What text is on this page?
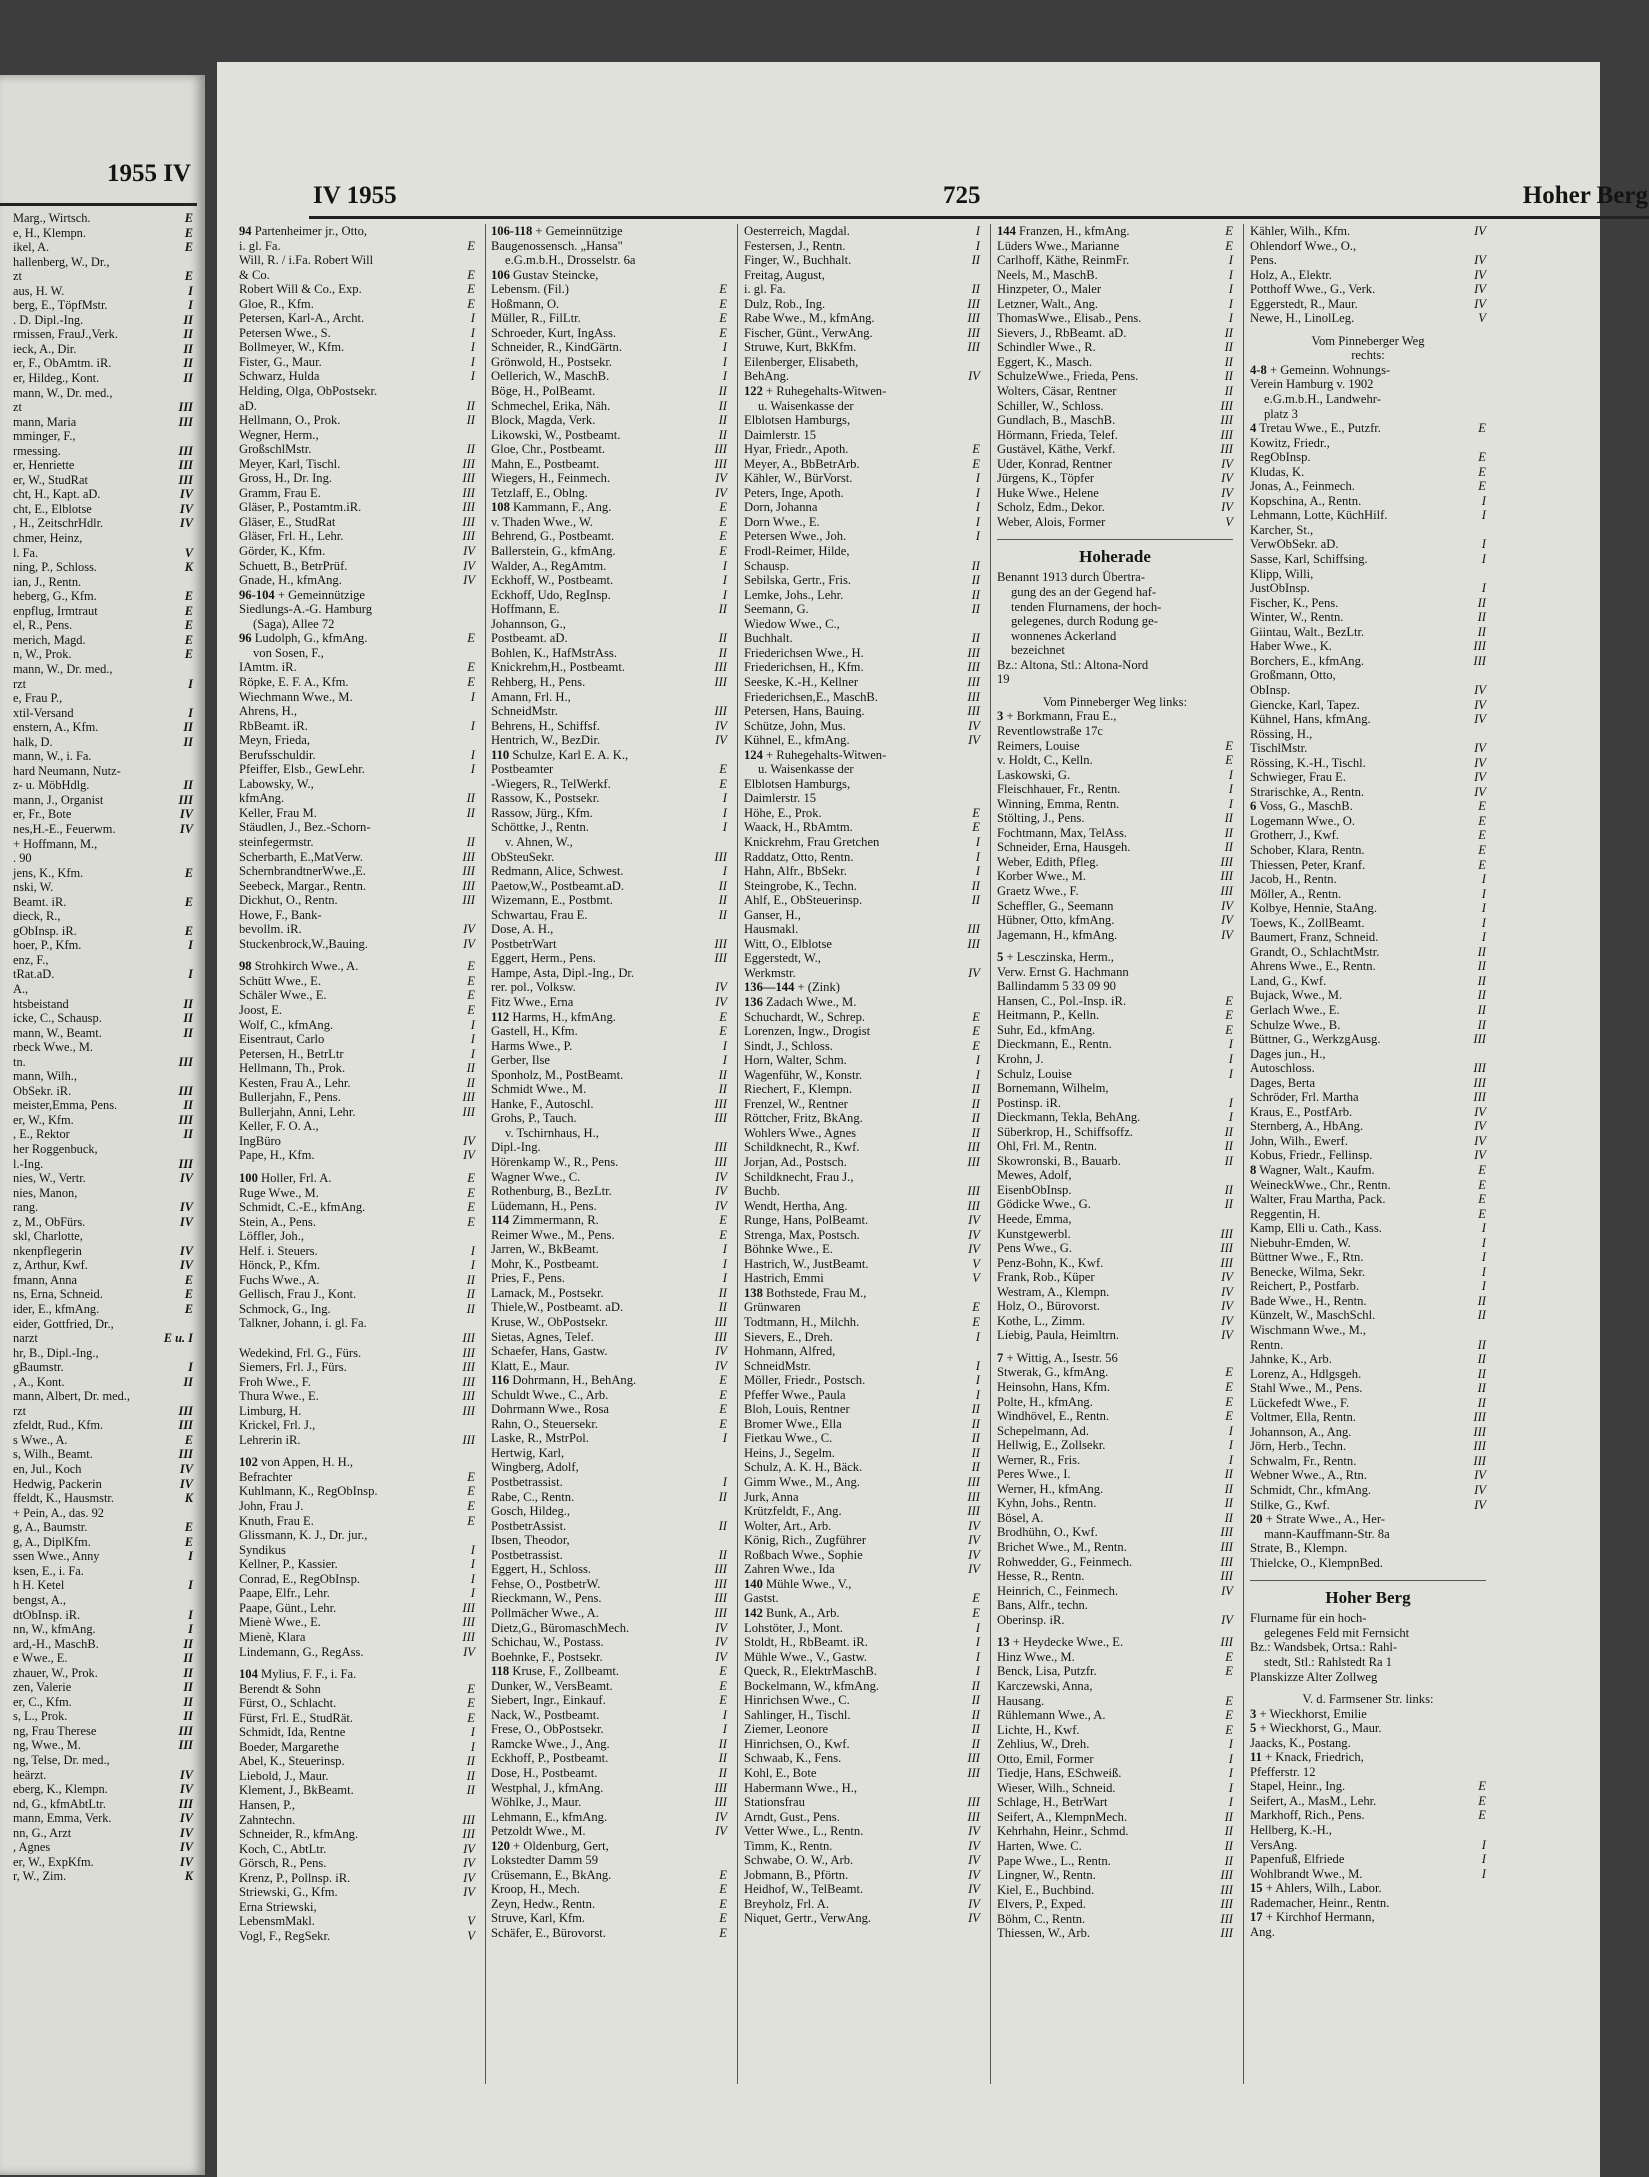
1955 IV
Marg., Wirtsch.	E
e, H., Klempn.	E
ikel, A.	E
hallenberg, W., Dr.,
zt	E
aus, H. W.	I
berg, E., TöpfMstr.	I
. D. Dipl.-Ing.	II
rmissen, FrauJ.,Verk.	II
ieck, A., Dir.	II
er, F., ObAmtm. iR.	II
er, Hildeg., Kont.	II
mann, W., Dr. med.,
zt	III
mann, Maria	III
mminger, F.,
rmessing.	III
er, Henriette	III
er, W., StudRat	III
cht, H., Kapt. aD.	IV
cht, E., Elblotse	IV
, H., ZeitschrHdlr.	IV
chmer, Heinz,
l. Fa.	V
ning, P., Schloss.	K
ian, J., Rentn.
heberg, G., Kfm.	E
enpflug, Irmtraut	E
el, R., Pens.	E
merich, Magd.	E
n, W., Prok.	E
mann, W., Dr. med.,
rzt	I
e, Frau P.,
xtil-Versand	I
enstern, A., Kfm.	II
halk, D.	II
mann, W., i. Fa.
hard Neumann, Nutz-
z- u. MöbHdlg.	II
mann, J., Organist	III
er, Fr., Bote	IV
nes,H.-E., Feuerwm.	IV
+ Hoffmann, M.,
. 90
jens, K., Kfm.	E
nski, W.
Beamt. iR.	E
dieck, R.,
gObInsp. iR.	E
hoer, P., Kfm.	I
enz, F.,
tRat.aD.	I
A.,
htsbeistand	II
icke, C., Schausp.	II
mann, W., Beamt.	II
rbeck Wwe., M.
tn.	III
mann, Wilh.,
ObSekr. iR.	III
meister,Emma, Pens.	II
er, W., Kfm.	III
, E., Rektor	II
her Roggenbuck,
l.-Ing.	III
nies, W., Vertr.	IV
nies, Manon,
rang.	IV
z, M., ObFürs.	IV
skl, Charlotte,
nkenpflegerin	IV
z, Arthur, Kwf.	IV
fmann, Anna	E
ns, Erna, Schneid.	E
ider, E., kfmAng.	E
eider, Gottfried, Dr.,
narzt	E u. I
hr, B., Dipl.-Ing.,
gBaumstr.	I
, A., Kont.	II
mann, Albert, Dr. med.,
rzt	III
zfeldt, Rud., Kfm.	III
s Wwe., A.	E
s, Wilh., Beamt.	III
en, Jul., Koch	IV
Hedwig, Packerin	IV
ffeldt, K., Hausmstr.	K
+ Pein, A., das. 92
g, A., Baumstr.	E
g, A., DiplKfm.	E
ssen Wwe., Anny	I
ksen, E., i. Fa.
h H. Ketel	I
bengst, A.,
dtObInsp. iR.	I
nn, W., kfmAng.	I
ard,-H., MaschB.	II
e Wwe., E.	II
zhauer, W., Prok.	II
zen, Valerie	II
er, C., Kfm.	II
s, L., Prok.	II
ng, Frau Therese	III
ng, Wwe., M.	III
ng, Telse, Dr. med.,
heärzt.	IV
eberg, K., Klempn.	IV
nd, G., kfmAbtLtr.	III
mann, Emma, Verk.	IV
nn, G., Arzt	IV
, Agnes	IV
er, W., ExpKfm.	IV
r, W., Zim.	K
IV 1955	725	Hoher Berg
94 Partenheimer jr., Otto,
i. gl. Fa.	E
Will, R. / i.Fa. Robert Will
& Co.	E
Robert Will & Co., Exp.	E
Gloe, R., Kfm.	E
Petersen, Karl-A., Archt.	I
Petersen Wwe., S.	I
Bollmeyer, W., Kfm.	I
Fister, G., Maur.	I
Schwarz, Hulda	I
Helding, Olga, ObPostsekr.
aD.	II
Hellmann, O., Prok.	II
Wegner, Herm.,
GroßschlMstr.	II
Meyer, Karl, Tischl.	III
Gross, H., Dr. Ing.	III
Gramm, Frau E.	III
Gläser, P., Postamtm.iR.	III
Gläser, E., StudRat	III
Gläser, Frl. H., Lehr.	III
Görder, K., Kfm.	IV
Schuett, B., BetrPrüf.	IV
Gnade, H., kfmAng.	IV
96-104 + Gemeinnützige
Siedlungs-A.-G. Hamburg
(Saga), Allee 72
96 Ludolph, G., kfmAng.	E
von Sosen, F.,
IAmtm. iR.	E
Röpke, E. F. A., Kfm.	E
Wiechmann Wwe., M.	I
Ahrens, H.,
RbBeamt. iR.	I
Meyn, Frieda,
Berufsschuldir.	I
Pfeiffer, Elsb., GewLehr.	I
Labowsky, W.,
kfmAng.	II
Keller, Frau M.	II
Stäudlen, J., Bez.-Schorn-
steinfegermstr.	II
Scherbarth, E.,MatVerw.	III
SchernbrandtnerWwe.,E.	III
Seebeck, Margar., Rentn.	III
Dickhut, O., Rentn.	III
Howe, F., Bank-
bevollm. iR.	IV
Stuckenbrock,W.,Bauing.	IV
98 Strohkirch Wwe., A.	E
Schütt Wwe., E.	E
Schäler Wwe., E.	E
Joost, E.	E
Wolf, C., kfmAng.	I
Eisentraut, Carlo	I
Petersen, H., BetrLtr	I
Hellmann, Th., Prok.	II
Kesten, Frau A., Lehr.	II
Bullerjahn, F., Pens.	III
Bullerjahn, Anni, Lehr.	III
Keller, F. O. A.,
IngBüro	IV
Pape, H., Kfm.	IV
100 Holler, Frl. A.	E
Ruge Wwe., M.	E
Schmidt, C.-E., kfmAng.	E
Stein, A., Pens.	E
Löffler, Joh.,
Helf. i. Steuers.	I
Hönck, P., Kfm.	I
Fuchs Wwe., A.	II
Gellisch, Frau J., Kont.	II
Schmock, G., Ing.	II
Talkner, Johann, i. gl. Fa.
III
Wedekind, Frl. G., Fürs.	III
Siemers, Frl. J., Fürs.	III
Froh Wwe., F.	III
Thura Wwe., E.	III
Limburg, H.	III
Krickel, Frl. J.,
Lehrerin iR.	III
102 von Appen, H. H.,
Befrachter	E
Kuhlmann, K., RegObInsp.	E
John, Frau J.	E
Knuth, Frau E.	E
Glissmann, K. J., Dr. jur.,
Syndikus	I
Kellner, P., Kassier.	I
Conrad, E., RegObInsp.	I
Paape, Elfr., Lehr.	I
Paape, Günt., Lehr.	III
Mienè Wwe., E.	III
Mienè, Klara	III
Lindemann, G., RegAss.	IV
104 Mylius, F. F., i. Fa.
Berendt & Sohn	E
Fürst, O., Schlacht.	E
Fürst, Frl. E., StudRät.	E
Schmidt, Ida, Rentne	I
Boeder, Margarethe	I
Abel, K., Steuerinsp.	II
Liebold, J., Maur.	II
Klement, J., BkBeamt.	II
Hansen, P.,
Zahntechn.	III
Schneider, R., kfmAng.	III
Koch, C., AbtLtr.	IV
Görsch, R., Pens.	IV
Krenz, P., Pollnsp. iR.	IV
Striewski, G., Kfm.	IV
Erna Striewski,
LebensmMakl.	V
Vogl, F., RegSekr.	V
106-118 + Gemeinnützige
Baugenossensch. „Hansa"
e.G.m.b.H., Drosselstr. 6a
106 Gustav Steincke,
Lebensm. (Fil.)	E
Hoßmann, O.	E
Müller, R., FilLtr.	E
Schroeder, Kurt, IngAss.	E
Schneider, R., KindGärtn.	I
Grönwold, H., Postsekr.	I
Oellerich, W., MaschB.	I
Böge, H., PolBeamt.	II
Schmechel, Erika, Näh.	II
Block, Magda, Verk.	II
Likowski, W., Postbeamt.	II
Gloe, Chr., Postbeamt.	III
Mahn, E., Postbeamt.	III
Wiegers, H., Feinmech.	IV
Tetzlaff, E., Oblng.	IV
108 Kammann, F., Ang.	E
v. Thaden Wwe., W.	E
Behrend, G., Postbeamt.	E
Ballerstein, G., kfmAng.	E
Walder, A., RegAmtm.	I
Eckhoff, W., Postbeamt.	I
Eckhoff, Udo, RegInsp.	I
Hoffmann, E.	II
Johannson, G.,
Postbeamt. aD.	II
Bohlen, K., HafMstrAss.	II
Knickrehm,H., Postbeamt.	III
Rehberg, H., Pens.	III
Amann, Frl. H.,
SchneidMstr.	III
Behrens, H., Schiffsf.	IV
Hentrich, W., BezDir.	IV
110 Schulze, Karl E. A. K.,
Postbeamter	E
-Wiegers, R., TelWerkf.	E
Rassow, K., Postsekr.	I
Rassow, Jürg., Kfm.	I
Schöttke, J., Rentn.	I
v. Ahnen, W.,
ObSteuSekr.	III
Redmann, Alice, Schwest.	I
Paetow,W., Postbeamt.aD.	II
Wizemann, E., Postbmt.	II
Schwartau, Frau E.	II
Dose, A. H.,
PostbetrWart	III
Eggert, Herm., Pens.	III
Hampe, Asta, Dipl.-Ing., Dr.
rer. pol., Volksw.	IV
Fitz Wwe., Erna	IV
112 Harms, H., kfmAng.	E
Gastell, H., Kfm.	E
Harms Wwe., P.	I
Gerber, Ilse	I
Sponholz, M., PostBeamt.	II
Schmidt Wwe., M.	II
Hanke, F., Autoschl.	III
Grohs, P., Tauch.	III
v. Tschirnhaus, H.,
Dipl.-Ing.	III
Hörenkamp W., R., Pens.	III
Wagner Wwe., C.	IV
Rothenburg, B., BezLtr.	IV
Lüdemann, H., Pens.	IV
114 Zimmermann, R.	E
Reimer Wwe., M., Pens.	E
Jarren, W., BkBeamt.	I
Mohr, K., Postbeamt.	I
Pries, F., Pens.	I
Lamack, M., Postsekr.	II
Thiele,W., Postbeamt. aD.	II
Kruse, W., ObPostsekr.	III
Sietas, Agnes, Telef.	III
Schaefer, Hans, Gastw.	IV
Klatt, E., Maur.	IV
116 Dohrmann, H., BehAng.	E
Schuldt Wwe., C., Arb.	E
Dohrmann Wwe., Rosa	E
Rahn, O., Steuersekr.	E
Laske, R., MstrPol.	I
Hertwig, Karl,
Wingberg, Adolf,
Postbetrassist.	I
Rabe, C., Rentn.	II
Gosch, Hildeg.,
PostbetrAssist.	II
Ibsen, Theodor,
Postbetrassist.	II
Eggert, H., Schloss.	III
Fehse, O., PostbetrW.	III
Rieckmann, W., Pens.	III
Pollmächer Wwe., A.	III
Dietz,G., BüromaschMech.	IV
Schichau, W., Postass.	IV
Boehnke, F., Postsekr.	IV
118 Kruse, F., Zollbeamt.	E
Dunker, W., VersBeamt.	E
Siebert, Ingr., Einkauf.	E
Nack, W., Postbeamt.	I
Frese, O., ObPostsekr.	I
Ramcke Wwe., J., Ang.	II
Eckhoff, P., Postbeamt.	II
Dose, H., Postbeamt.	II
Westphal, J., kfmAng.	III
Wöhlke, J., Maur.	III
Lehmann, E., kfmAng.	IV
Petzoldt Wwe., M.	IV
120 + Oldenburg, Gert,
Lokstedter Damm 59
Crüsemann, E., BkAng.	E
Kroop, H., Mech.	E
Zeyn, Hedw., Rentn.	E
Struve, Karl, Kfm.	E
Schäfer, E., Bürovorst.	E
Oesterreich, Magdal.	I
Festersen, J., Rentn.	I
Finger, W., Buchhalt.	II
Freitag, August,
i. gl. Fa.	II
Dulz, Rob., Ing.	III
Rabe Wwe., M., kfmAng.	III
Fischer, Günt., VerwAng.	III
Struwe, Kurt, BkKfm.	III
Eilenberger, Elisabeth,
BehAng.	IV
122 + Ruhegehalts-Witwen-
u. Waisenkasse der
Elblotsen Hamburgs,
Daimlerstr. 15
Hyar, Friedr., Apoth.	E
Meyer, A., BbBetrArb.	E
Kähler, W., BürVorst.	I
Peters, Inge, Apoth.	I
Dorn, Johanna	I
Dorn Wwe., E.	I
Petersen Wwe., Joh.	I
Frodl-Reimer, Hilde,
Schausp.	II
Sebilska, Gertr., Fris.	II
Lemke, Johs., Lehr.	II
Seemann, G.	II
Wiedow Wwe., C.,
Buchhalt.	II
Friederichsen Wwe., H.	III
Friederichsen, H., Kfm.	III
Seeske, K.-H., Kellner	III
Friederichsen,E., MaschB.	III
Petersen, Hans, Bauing.	III
Schütze, John, Mus.	IV
Kühnel, E., kfmAng.	IV
124 + Ruhegehalts-Witwen-
u. Waisenkasse der
Elblotsen Hamburgs,
Daimlerstr. 15
Höhe, E., Prok.	E
Waack, H., RbAmtm.	E
Knickrehm, Frau Gretchen	I
Raddatz, Otto, Rentn.	I
Hahn, Alfr., BbSekr.	I
Steingrobe, K., Techn.	II
Ahlf, E., ObSteuerinsp.	II
Ganser, H.,
Hausmakl.	III
Witt, O., Elblotse	III
Eggerstedt, W.,
Werkmstr.	IV
136—144 + (Zink)
136 Zadach Wwe., M.
Schuchardt, W., Schrep.	E
Lorenzen, Ingw., Drogist	E
Sindt, J., Schloss.	E
Horn, Walter, Schm.	I
Wagenführ, W., Konstr.	I
Riechert, F., Klempn.	II
Frenzel, W., Rentner	II
Röttcher, Fritz, BkAng.	II
Wohlers Wwe., Agnes	II
Schildknecht, R., Kwf.	III
Jorjan, Ad., Postsch.	III
Schildknecht, Frau J.,
Buchb.	III
Wendt, Hertha, Ang.	III
Runge, Hans, PolBeamt.	IV
Strenga, Max, Postsch.	IV
Böhnke Wwe., E.	IV
Hastrich, W., JustBeamt.	V
Hastrich, Emmi	V
138 Bothstede, Frau M.,
Grünwaren	E
Todtmann, H., Milchh.	E
Sievers, E., Dreh.	I
Hohmann, Alfred,
SchneidMstr.	I
Möller, Friedr., Postsch.	I
Pfeffer Wwe., Paula	I
Bloh, Louis, Rentner	II
Bromer Wwe., Ella	II
Fietkau Wwe., C.	II
Heins, J., Segelm.	II
Schulz, A. K. H., Bäck.	II
Gimm Wwe., M., Ang.	III
Jurk, Anna	III
Krützfeldt, F., Ang.	III
Wolter, Art., Arb.	IV
König, Rich., Zugführer	IV
Roßbach Wwe., Sophie	IV
Zahren Wwe., Ida	IV
140 Mühle Wwe., V.,
Gastst.	E
142 Bunk, A., Arb.	E
Lohstöter, J., Mont.	I
Stoldt, H., RbBeamt. iR.	I
Mühle Wwe., V., Gastw.	I
Queck, R., ElektrMaschB.	I
Bockelmann, W., kfmAng.	II
Hinrichsen Wwe., C.	II
Sahlinger, H., Tischl.	II
Ziemer, Leonore	II
Hinrichsen, O., Kwf.	II
Schwaab, K., Fens.	III
Kohl, E., Bote	III
Habermann Wwe., H.,
Stationsfrau	III
Arndt, Gust., Pens.	III
Vetter Wwe., L., Rentn.	IV
Timm, K., Rentn.	IV
Schwabe, O. W., Arb.	IV
Jobmann, B., Pförtn.	IV
Heidhof, W., TelBeamt.	IV
Breyholz, Frl. A.	IV
Niquet, Gertr., VerwAng.	IV
144 Franzen, H., kfmAng.	E
Lüders Wwe., Marianne	E
Carlhoff, Käthe, ReinmFr.	I
Neels, M., MaschB.	I
Hinzpeter, O., Maler	I
Letzner, Walt., Ang.	I
ThomasWwe., Elisab., Pens.	I
Sievers, J., RbBeamt. aD.	II
Schindler Wwe., R.	II
Eggert, K., Masch.	II
SchulzeWwe., Frieda, Pens.	II
Wolters, Cäsar, Rentner	II
Schiller, W., Schloss.	III
Gundlach, B., MaschB.	III
Hörmann, Frieda, Telef.	III
Gustävel, Käthe, Verkf.	III
Uder, Konrad, Rentner	IV
Jürgens, K., Töpfer	IV
Huke Wwe., Helene	IV
Scholz, Edm., Dekor.	IV
Weber, Alois, Former	V
Hoherade
Benannt 1913 durch Übertra-
gung des an der Gegend haf-
tenden Flurnamens, der hoch-
gelegenes, durch Rodung ge-
wonnenes Ackerland
bezeichnet
Bz.: Altona, Stl.: Altona-Nord
19
Vom Pinneberger Weg links:
3 + Borkmann, Frau E.,
Reventlowstraße 17c
Reimers, Louise	E
v. Holdt, C., Kelln.	E
Laskowski, G.	I
Fleischhauer, Fr., Rentn.	I
Winning, Emma, Rentn.	I
Stölting, J., Pens.	II
Fochtmann, Max, TelAss.	II
Schneider, Erna, Hausgeh.	II
Weber, Edith, Pfleg.	III
Korber Wwe., M.	III
Graetz Wwe., F.	III
Scheffler, G., Seemann	IV
Hübner, Otto, kfmAng.	IV
Jagemann, H., kfmAng.	IV
5 + Lesczinska, Herm.,
Verw. Ernst G. Hachmann
Ballindamm 5 33 09 90
Hansen, C., Pol.-Insp. iR.	E
Heitmann, P., Kelln.	E
Suhr, Ed., kfmAng.	E
Dieckmann, E., Rentn.	I
Krohn, J.	I
Schulz, Louise	I
Bornemann, Wilhelm,
Postinsp. iR.	I
Dieckmann, Tekla, BehAng.	I
Süberkrop, H., Schiffsoffz.	II
Ohl, Frl. M., Rentn.	II
Skowronski, B., Bauarb.	II
Mewes, Adolf,
EisenbObInsp.	II
Gödicke Wwe., G.	II
Heede, Emma,
Kunstgewerbl.	III
Pens Wwe., G.	III
Penz-Bohn, K., Kwf.	III
Frank, Rob., Küper	IV
Westram, A., Klempn.	IV
Holz, O., Bürovorst.	IV
Kothe, L., Zimm.	IV
Liebig, Paula, Heimltrn.	IV
7 + Wittig, A., Isestr. 56
Stwerak, G., kfmAng.	E
Heinsohn, Hans, Kfm.	E
Polte, H., kfmAng.	E
Windhövel, E., Rentn.	E
Schepelmann, Ad.	I
Hellwig, E., Zollsekr.	I
Werner, R., Fris.	I
Peres Wwe., I.	II
Werner, H., kfmAng.	II
Kyhn, Johs., Rentn.	II
Bösel, A.	II
Brodhühn, O., Kwf.	III
Brichet Wwe., M., Rentn.	III
Rohwedder, G., Feinmech.	III
Hesse, R., Rentn.	III
Heinrich, C., Feinmech.	IV
Bans, Alfr., techn.
Oberinsp. iR.	IV
13 + Heydecke Wwe., E.	III
Hinz Wwe., M.	E
Benck, Lisa, Putzfr.	E
Karczewski, Anna,
Hausang.	E
Rühlemann Wwe., A.	E
Lichte, H., Kwf.	E
Zehlius, W., Dreh.	I
Otto, Emil, Former	I
Tiedje, Hans, ESchweiß.	I
Wieser, Wilh., Schneid.	I
Schlage, H., BetrWart	I
Seifert, A., KlempnMech.	II
Kehrhahn, Heinr., Schmd.	II
Harten, Wwe. C.	II
Pape Wwe., L., Rentn.	II
Lingner, W., Rentn.	III
Kiel, E., Buchbind.	III
Elvers, P., Exped.	III
Böhm, C., Rentn.	III
Thiessen, W., Arb.	III
Kähler, Wilh., Kfm.	IV
Ohlendorf Wwe., O.,
Pens.	IV
Holz, A., Elektr.	IV
Potthoff Wwe., G., Verk.	IV
Eggerstedt, R., Maur.	IV
Newe, H., LinolLeg.	V
Vom Pinneberger Weg
rechts:
4-8 + Gemeinn. Wohnungs-
Verein Hamburg v. 1902
e.G.m.b.H., Landwehr-
platz 3
4 Tretau Wwe., E., Putzfr.	E
Kowitz, Friedr.,
RegObInsp.	E
Kludas, K.	E
Jonas, A., Feinmech.	E
Kopschina, A., Rentn.	I
Lehmann, Lotte, KüchHilf.	I
Karcher, St.,
VerwObSekr. aD.	I
Sasse, Karl, Schiffsing.	I
Klipp, Willi,
JustObInsp.	I
Fischer, K., Pens.	II
Winter, W., Rentn.	II
Giintau, Walt., BezLtr.	II
Haber Wwe., K.	III
Borchers, E., kfmAng.	III
Großmann, Otto,
ObInsp.	IV
Giencke, Karl, Tapez.	IV
Kühnel, Hans, kfmAng.	IV
Rössing, H.,
TischlMstr.	IV
Rössing, K.-H., Tischl.	IV
Schwieger, Frau E.	IV
Strarischke, A., Rentn.	IV
6 Voss, G., MaschB.	E
Logemann Wwe., O.	E
Grotherr, J., Kwf.	E
Schober, Klara, Rentn.	E
Thiessen, Peter, Kranf.	E
Jacob, H., Rentn.	I
Möller, A., Rentn.	I
Kolbye, Hennie, StaAng.	I
Toews, K., ZollBeamt.	I
Baumert, Franz, Schneid.	I
Grandt, O., SchlachtMstr.	II
Ahrens Wwe., E., Rentn.	II
Land, G., Kwf.	II
Bujack, Wwe., M.	II
Gerlach Wwe., E.	II
Schulze Wwe., B.	II
Büttner, G., WerkzgAusg.	III
Dages jun., H.,
Autoschloss.	III
Dages, Berta	III
Schröder, Frl. Martha	III
Kraus, E., PostfArb.	IV
Sternberg, A., HbAng.	IV
John, Wilh., Ewerf.	IV
Kobus, Friedr., Fellinsp.	IV
8 Wagner, Walt., Kaufm.	E
WeineckWwe., Chr., Rentn.	E
Walter, Frau Martha, Pack.	E
Reggentin, H.	E
Kamp, Elli u. Cath., Kass.	I
Niebuhr-Emden, W.	I
Büttner Wwe., F., Rtn.	I
Benecke, Wilma, Sekr.	I
Reichert, P., Postfarb.	I
Bade Wwe., H., Rentn.	II
Künzelt, W., MaschSchl.	II
Wischmann Wwe., M.,
Rentn.	II
Jahnke, K., Arb.	II
Lorenz, A., Hdlgsgeh.	II
Stahl Wwe., M., Pens.	II
Lückefedt Wwe., F.	II
Voltmer, Ella, Rentn.	III
Johannson, A., Ang.	III
Jörn, Herb., Techn.	III
Schwalm, Fr., Rentn.	III
Webner Wwe., A., Rtn.	IV
Schmidt, Chr., kfmAng.	IV
Stilke, G., Kwf.	IV
20 + Strate Wwe., A., Her-
mann-Kauffmann-Str. 8a
Strate, B., Klempn.
Thielcke, O., KlempnBed.
Hoher Berg
Flurname für ein hoch-
gelegenes Feld mit Fernsicht
Bz.: Wandsbek, Ortsa.: Rahl-
stedt, Stl.: Rahlstedt Ra 1
Planskizze Alter Zollweg
V. d. Farmsener Str. links:
3 + Wieckhorst, Emilie
5 + Wieckhorst, G., Maur.
Jaacks, K., Postang.
11 + Knack, Friedrich,
Pfefferstr. 12
Stapel, Heinr., Ing.	E
Seifert, A., MasM., Lehr.	E
Markhoff, Rich., Pens.	E
Hellberg, K.-H.,
VersAng.	I
Papenfuß, Elfriede	I
Wohlbrandt Wwe., M.	I
15 + Ahlers, Wilh., Labor.
Rademacher, Heinr., Rentn.
17 + Kirchhof Hermann,
Ang.
